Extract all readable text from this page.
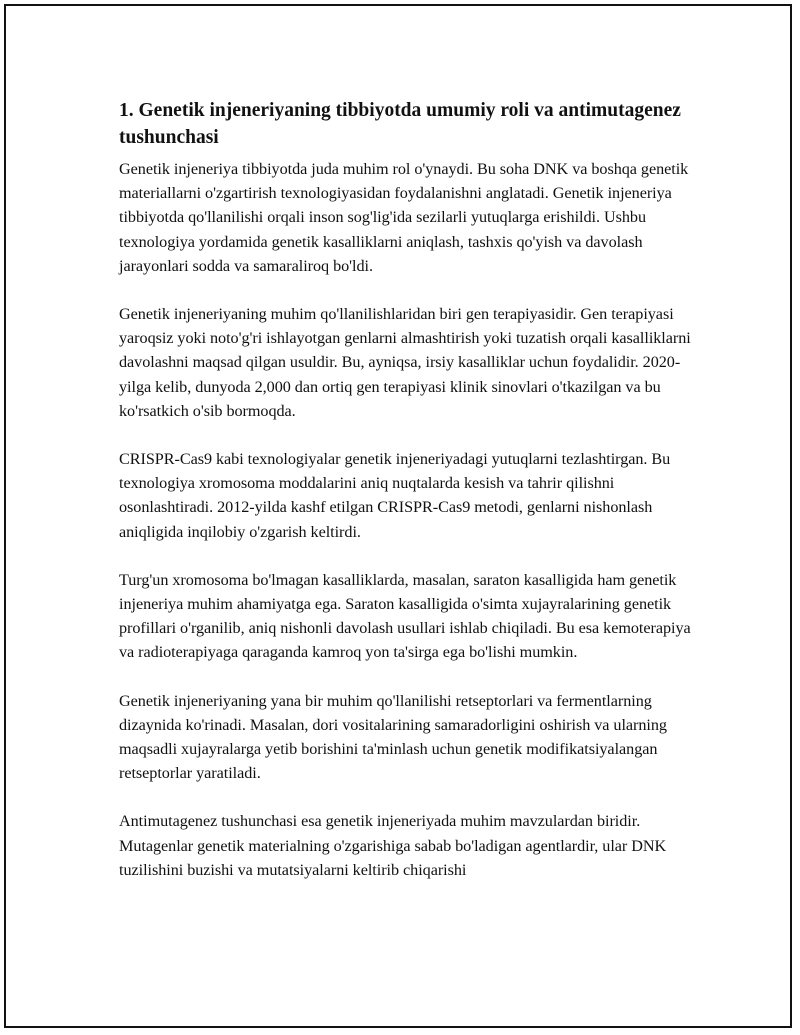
1. Genetik injeneriyaning tibbiyotda umumiy roli va antimutagenez tushunchasi

Genetik injeneriya tibbiyotda juda muhim rol o'ynaydi. Bu soha DNK va boshqa genetik materiallarni o'zgartirish texnologiyasidan foydalanishni anglatadi. Genetik injeneriya tibbiyotda qo'llanilishi orqali inson sog'lig'ida sezilarli yutuqlarga erishildi. Ushbu texnologiya yordamida genetik kasalliklarni aniqlash, tashxis qo'yish va davolash jarayonlari sodda va samaraliroq bo'ldi.

Genetik injeneriyaning muhim qo'llanilishlaridan biri gen terapiyasidir. Gen terapiyasi yaroqsiz yoki noto'g'ri ishlayotgan genlarni almashtirish yoki tuzatish orqali kasalliklarni davolashni maqsad qilgan usuldir. Bu, ayniqsa, irsiy kasalliklar uchun foydalidir. 2020-yilga kelib, dunyoda 2,000 dan ortiq gen terapiyasi klinik sinovlari o'tkazilgan va bu ko'rsatkich o'sib bormoqda.

CRISPR-Cas9 kabi texnologiyalar genetik injeneriyadagi yutuqlarni tezlashtirgan. Bu texnologiya xromosoma moddalarini aniq nuqtalarda kesish va tahrir qilishni osonlashtiradi. 2012-yilda kashf etilgan CRISPR-Cas9 metodi, genlarni nishonlash aniqligida inqilobiy o'zgarish keltirdi.

Turg'un xromosoma bo'lmagan kasalliklarda, masalan, saraton kasalligida ham genetik injeneriya muhim ahamiyatga ega. Saraton kasalligida o'simta xujayralarining genetik profillari o'rganilib, aniq nishonli davolash usullari ishlab chiqiladi. Bu esa kemoterapiya va radioterapiyaga qaraganda kamroq yon ta'sirga ega bo'lishi mumkin.

Genetik injeneriyaning yana bir muhim qo'llanilishi retseptorlari va fermentlarning dizaynida ko'rinadi. Masalan, dori vositalarining samaradorligini oshirish va ularning maqsadli xujayralarga yetib borishini ta'minlash uchun genetik modifikatsiyalangan retseptorlar yaratiladi.

Antimutagenez tushunchasi esa genetik injeneriyada muhim mavzulardan biridir. Mutagenlar genetik materialning o'zgarishiga sabab bo'ladigan agentlardir, ular DNK tuzilishini buzishi va mutatsiyalarni keltirib chiqarishi
